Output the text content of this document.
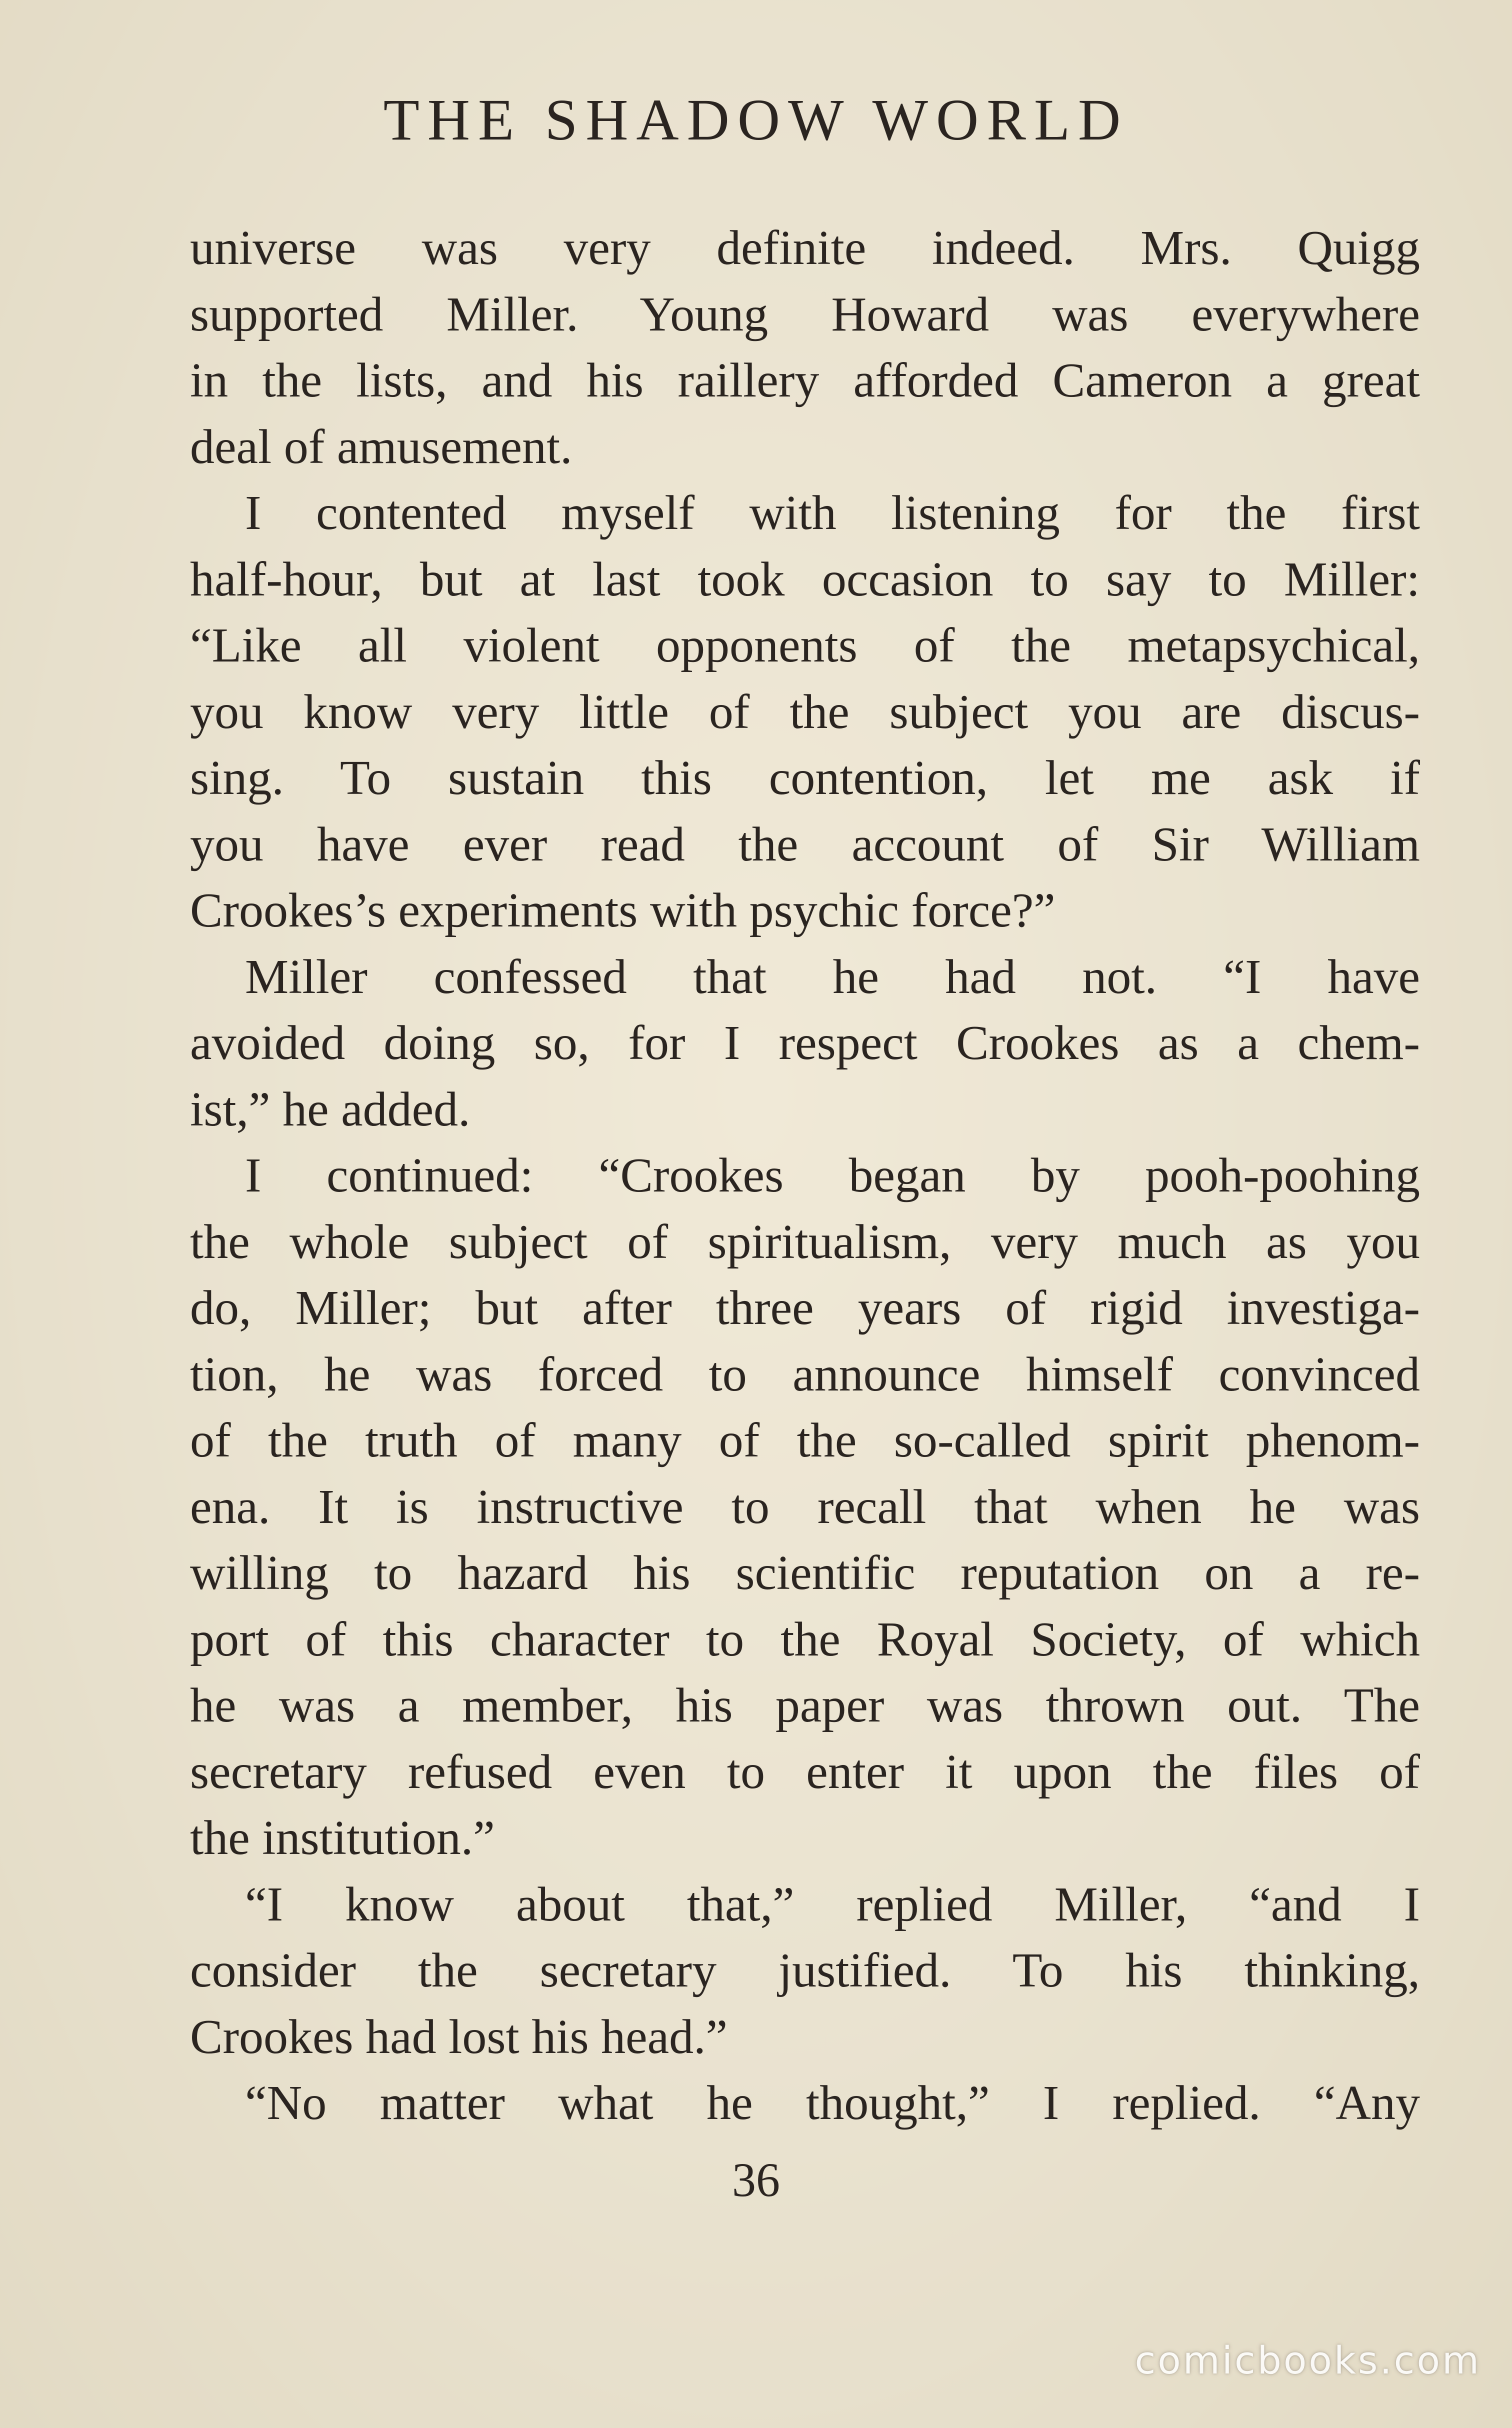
THE SHADOW WORLD
universe was very definite indeed. Mrs. Quigg
supported Miller. Young Howard was everywhere
in the lists, and his raillery afforded Cameron a great
deal of amusement.
I contented myself with listening for the first
half-hour, but at last took occasion to say to Miller:
“Like all violent opponents of the metapsychical,
you know very little of the subject you are discus-
sing. To sustain this contention, let me ask if
you have ever read the account of Sir William
Crookes’s experiments with psychic force?”
Miller confessed that he had not. “I have
avoided doing so, for I respect Crookes as a chem-
ist,” he added.
I continued: “Crookes began by pooh-poohing
the whole subject of spiritualism, very much as you
do, Miller; but after three years of rigid investiga-
tion, he was forced to announce himself convinced
of the truth of many of the so-called spirit phenom-
ena. It is instructive to recall that when he was
willing to hazard his scientific reputation on a re-
port of this character to the Royal Society, of which
he was a member, his paper was thrown out. The
secretary refused even to enter it upon the files of
the institution.”
“I know about that,” replied Miller, “and I
consider the secretary justified. To his thinking,
Crookes had lost his head.”
“No matter what he thought,” I replied. “Any
36
comicbooks.com
